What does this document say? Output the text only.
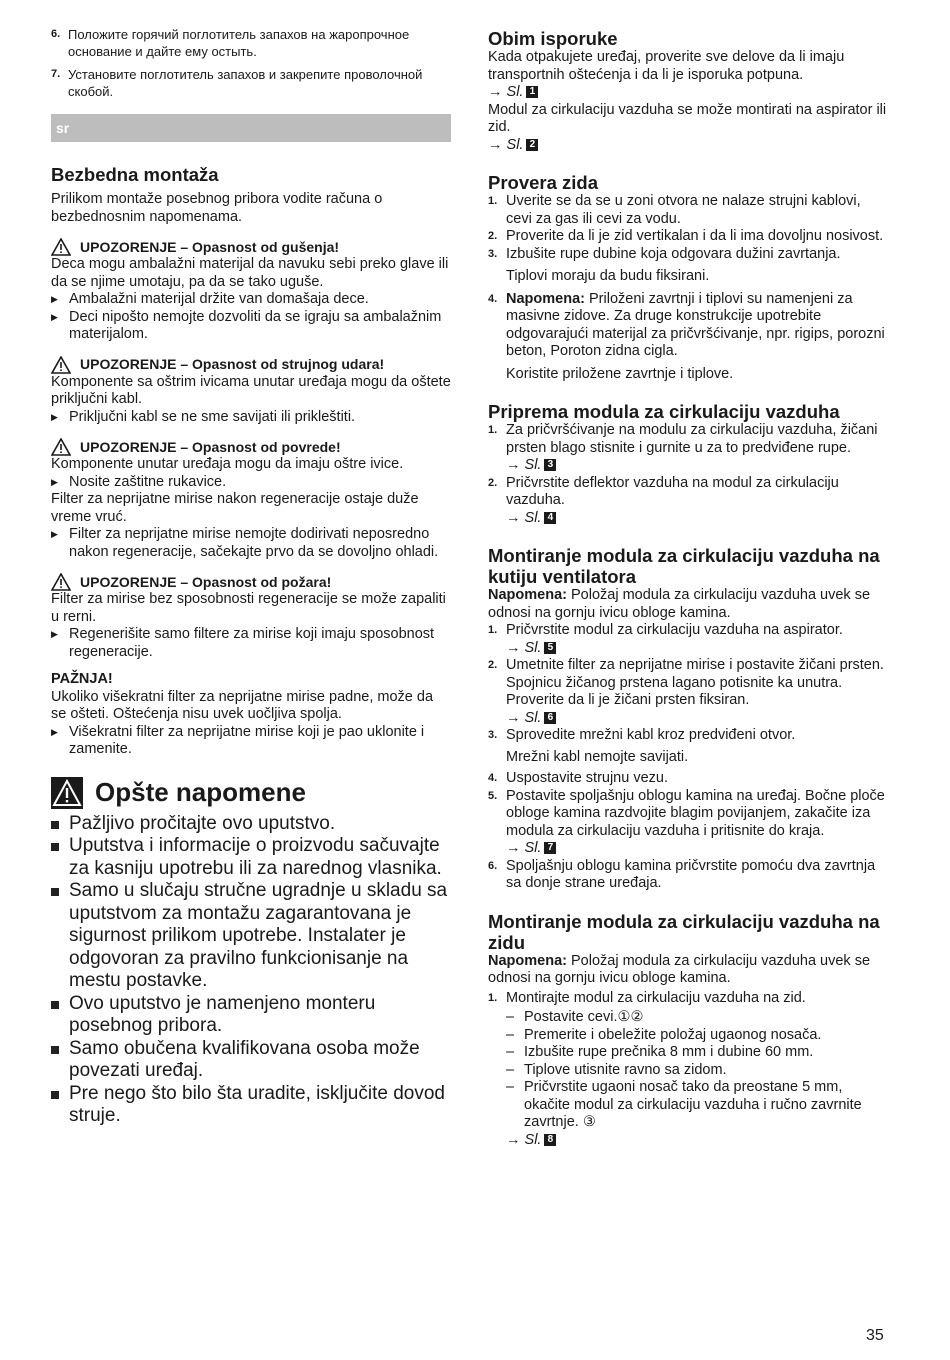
6. Положите горячий поглотитель запахов на жаропрочное основание и дайте ему остыть.
7. Установите поглотитель запахов и закрепите проволочной скобой.
sr
Bezbedna montaža

Prilikom montaže posebnog pribora vodite računa o bezbednosnim napomenama.

UPOZORENJE – Opasnost od gušenja!

Deca mogu ambalažni materijal da navuku sebi preko glave ili da se njime umotaju, pa da se tako uguše.

▶ Ambalažni materijal držite van domašaja dece.
▶ Deci nipošto nemojte dozvoliti da se igraju sa ambalažnim materijalom.
UPOZORENJE – Opasnost od strujnog udara!

Komponente sa oštrim ivicama unutar uređaja mogu da oštete priključni kabl.

▶ Priključni kabl se ne sme savijati ili prikleštiti.
UPOZORENJE – Opasnost od povrede!

Komponente unutar uređaja mogu da imaju oštre ivice.

▶ Nosite zaštitne rukavice.

Filter za neprijatne mirise nakon regeneracije ostaje duže vreme vruć.

▶ Filter za neprijatne mirise nemojte dodirivati neposredno nakon regeneracije, sačekajte prvo da se dovoljno ohladi.
UPOZORENJE – Opasnost od požara!

Filter za mirise bez sposobnosti regeneracije se može zapaliti u rerni.

▶ Regenerišite samo filtere za mirise koji imaju sposobnost regeneracije.

PAŽNJA!

Ukoliko višekratni filter za neprijatne mirise padne, može da se ošteti. Oštećenja nisu uvek uočljiva spolja.

▶ Višekratni filter za neprijatne mirise koji je pao uklonite i zamenite.
Opšte napomene
Pažljivo pročitajte ovo uputstvo.
Uputstva i informacije o proizvodu sačuvajte za kasniju upotrebu ili za narednog vlasnika.
Samo u slučaju stručne ugradnje u skladu sa uputstvom za montažu zagarantovana je sigurnost prilikom upotrebe. Instalater je odgovoran za pravilno funkcionisanje na mestu postavke.
Ovo uputstvo je namenjeno monteru posebnog pribora.
Samo obučena kvalifikovana osoba može povezati uređaj.
Pre nego što bilo šta uradite, isključite dovod struje.
Obim isporuke

Kada otpakujete uređaj, proverite sve delove da li imaju transportnih oštećenja i da li je isporuka potpuna.

→ Sl. 1

Modul za cirkulaciju vazduha se može montirati na aspirator ili zid.

→ Sl. 2

Provera zida
1. Uverite se da se u zoni otvora ne nalaze strujni kablovi, cevi za gas ili cevi za vodu.
2. Proverite da li je zid vertikalan i da li ima dovoljnu nosivost.
3. Izbušite rupe dubine koja odgovara dužini zavrtanja.

Tiplovi moraju da budu fiksirani.

4. Napomena: Priloženi zavrtnji i tiplovi su namenjeni za masivne zidove. Za druge konstrukcije upotrebite odgovarajući materijal za pričvršćivanje, npr. rigips, porozni beton, Poroton zidna cigla.

Koristite priložene zavrtnje i tiplove.

Priprema modula za cirkulaciju vazduha
1. Za pričvršćivanje na modulu za cirkulaciju vazduha, žičani prsten blago stisnite i gurnite u za to predviđene rupe.

→ Sl. 3

2. Pričvrstite deflektor vazduha na modul za cirkulaciju vazduha.

→ Sl. 4

Montiranje modula za cirkulaciju vazduha na kutiju ventilatora

Napomena: Položaj modula za cirkulaciju vazduha uvek se odnosi na gornju ivicu obloge kamina.

1. Pričvrstite modul za cirkulaciju vazduha na aspirator.

→ Sl. 5

2. Umetnite filter za neprijatne mirise i postavite žičani prsten. Spojnicu žičanog prstena lagano potisnite ka unutra. Proverite da li je žičani prsten fiksiran.

→ Sl. 6

3. Sprovedite mrežni kabl kroz predviđeni otvor.

Mrežni kabl nemojte savijati.

4. Uspostavite strujnu vezu.
5. Postavite spoljašnju oblogu kamina na uređaj. Bočne ploče obloge kamina razdvojite blagim povijanjem, zakačite iza modula za cirkulaciju vazduha i pritisnite do kraja.

→ Sl. 7

6. Spoljašnju oblogu kamina pričvrstite pomoću dva zavrtnja sa donje strane uređaja.
Montiranje modula za cirkulaciju vazduha na zidu

Napomena: Položaj modula za cirkulaciju vazduha uvek se odnosi na gornju ivicu obloge kamina.

1. Montirajte modul za cirkulaciju vazduha na zid.
– Postavite cevi.①②
– Premerite i obeležite položaj ugaonog nosača.
– Izbušite rupe prečnika 8 mm i dubine 60 mm.
– Tiplove utisnite ravno sa zidom.
– Pričvrstite ugaoni nosač tako da preostane 5 mm, okačite modul za cirkulaciju vazduha i ručno zavrnite zavrtnje. ③

→ Sl. 8

35
